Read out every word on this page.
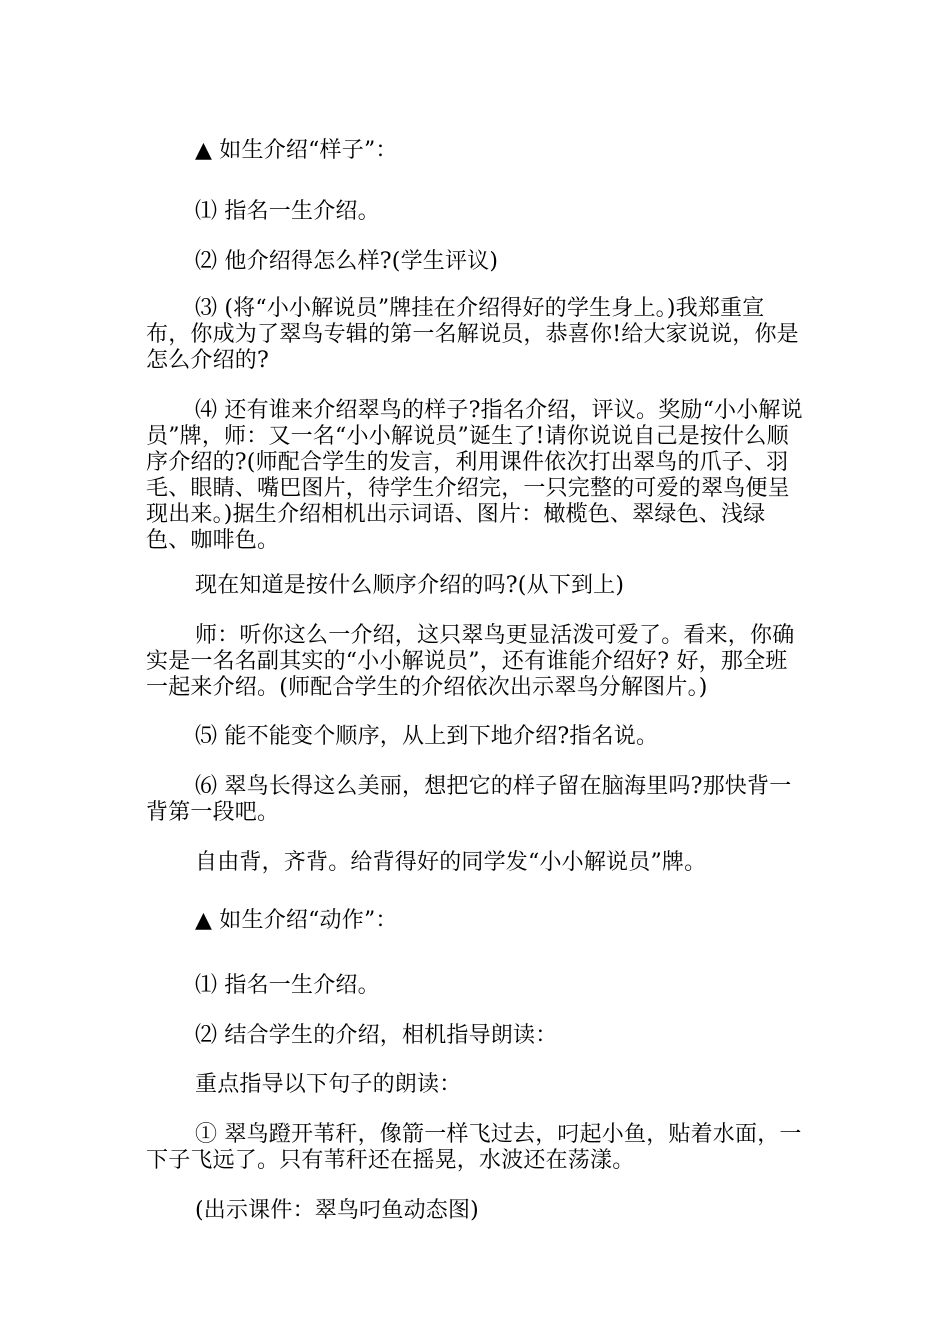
▲ 如生介绍“样子”：

⑴ 指名一生介绍。

⑵ 他介绍得怎么样?(学生评议)

⑶ (将“小小解说员”牌挂在介绍得好的学生身上。)我郑重宣布，你成为了翠鸟专辑的第一名解说员，恭喜你!给大家说说，你是怎么介绍的?

⑷ 还有谁来介绍翠鸟的样子?指名介绍，评议。奖励“小小解说员”牌，师：又一名“小小解说员”诞生了!请你说说自己是按什么顺序介绍的?(师配合学生的发言，利用课件依次打出翠鸟的爪子、羽毛、眼睛、嘴巴图片，待学生介绍完，一只完整的可爱的翠鸟便呈现出来。)据生介绍相机出示词语、图片：橄榄色、翠绿色、浅绿色、咖啡色。

现在知道是按什么顺序介绍的吗?(从下到上)

师：听你这么一介绍，这只翠鸟更显活泼可爱了。看来，你确实是一名名副其实的“小小解说员”，还有谁能介绍好? 好，那全班一起来介绍。(师配合学生的介绍依次出示翠鸟分解图片。)

⑸ 能不能变个顺序，从上到下地介绍?指名说。

⑹ 翠鸟长得这么美丽，想把它的样子留在脑海里吗?那快背一背第一段吧。

自由背，齐背。给背得好的同学发“小小解说员”牌。

▲ 如生介绍“动作”：

⑴ 指名一生介绍。

⑵ 结合学生的介绍，相机指导朗读：

重点指导以下句子的朗读：

① 翠鸟蹬开苇秆，像箭一样飞过去，叼起小鱼，贴着水面，一下子飞远了。只有苇秆还在摇晃，水波还在荡漾。

(出示课件：翠鸟叼鱼动态图)
